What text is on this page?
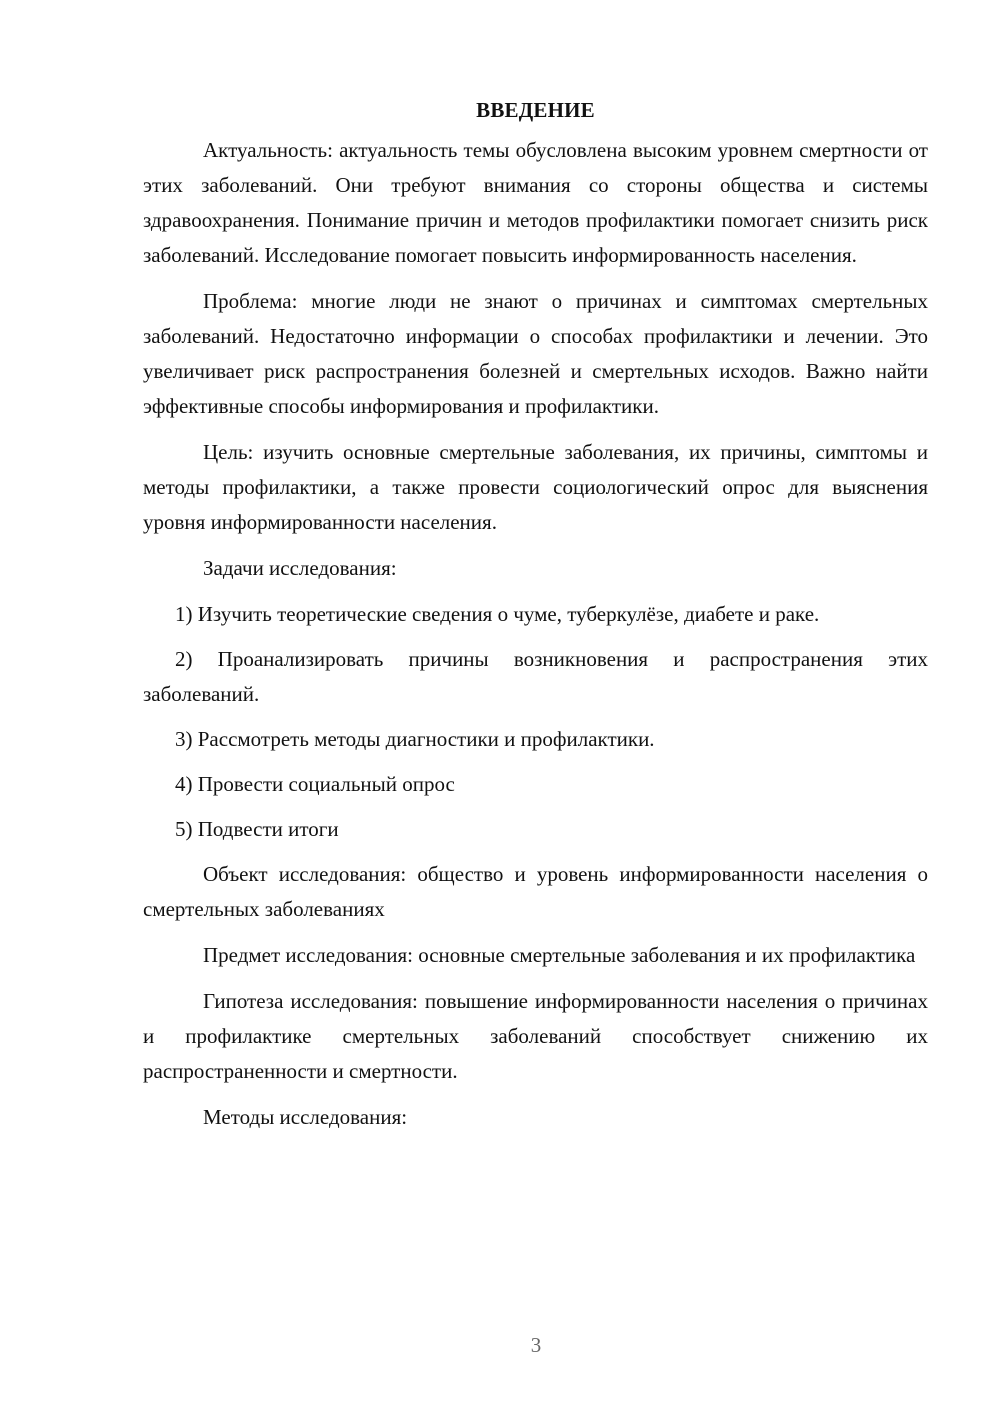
ВВЕДЕНИЕ

Актуальность: актуальность темы обусловлена высоким уровнем смертности от этих заболеваний. Они требуют внимания со стороны общества и системы здравоохранения. Понимание причин и методов профилактики помогает снизить риск заболеваний. Исследование помогает повысить информированность населения.

Проблема: многие люди не знают о причинах и симптомах смертельных заболеваний. Недостаточно информации о способах профилактики и лечении. Это увеличивает риск распространения болезней и смертельных исходов. Важно найти эффективные способы информирования и профилактики.

Цель: изучить основные смертельные заболевания, их причины, симптомы и методы профилактики, а также провести социологический опрос для выяснения уровня информированности населения.

Задачи исследования:

1) Изучить теоретические сведения о чуме, туберкулёзе, диабете и раке.

2) Проанализировать причины возникновения и распространения этих заболеваний.

3) Рассмотреть методы диагностики и профилактики.

4) Провести социальный опрос

5) Подвести итоги

Объект исследования: общество и уровень информированности населения о смертельных заболеваниях

Предмет исследования: основные смертельные заболевания и их профилактика

Гипотеза исследования: повышение информированности населения о причинах и профилактике смертельных заболеваний способствует снижению их распространенности и смертности.

Методы исследования:

3
